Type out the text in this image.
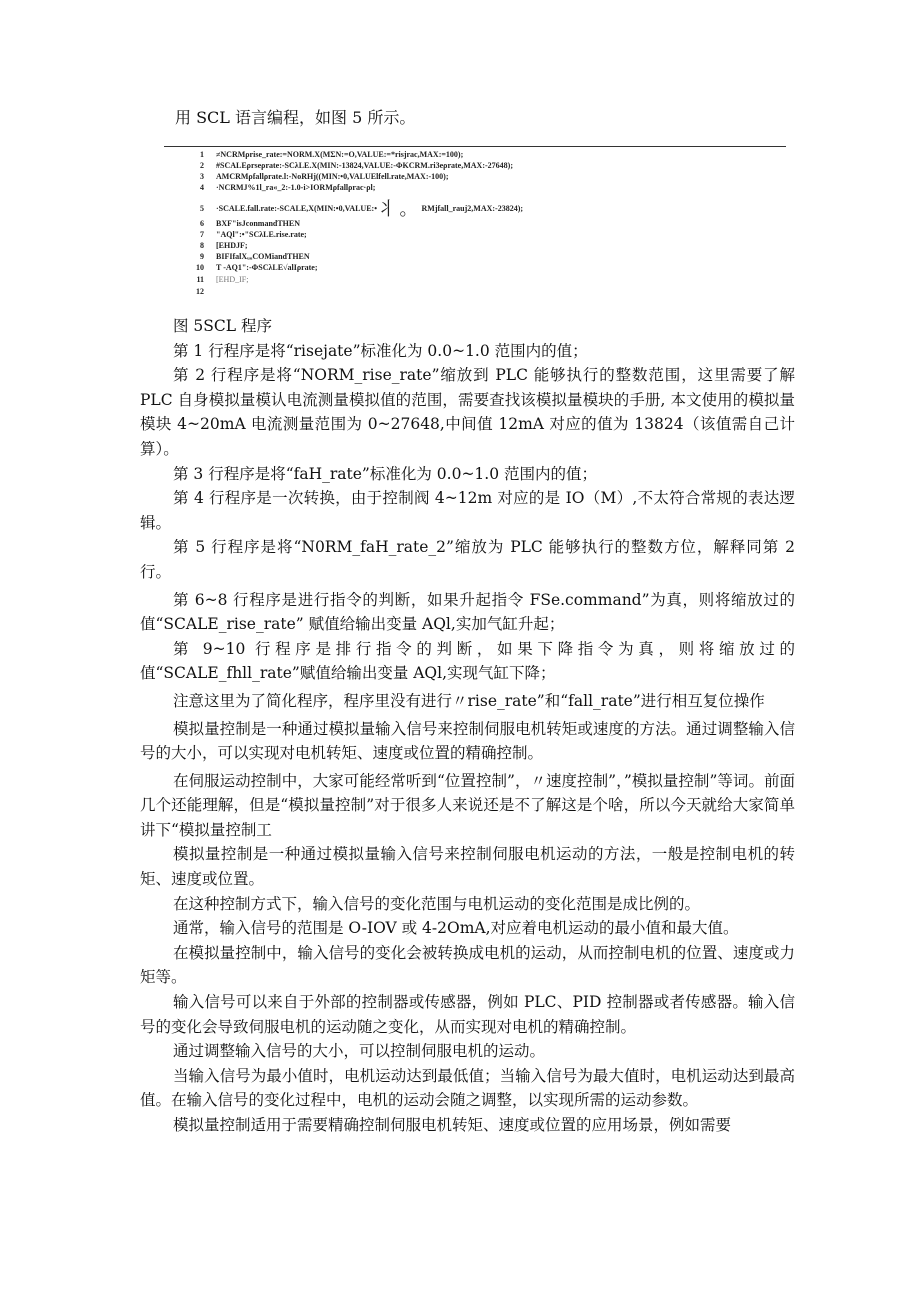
用 SCL 语言编程，如图 5 所示。

1 ≠NCRMρrise_rate:=NORM.X(MΣN:=O,VALUE:=*risjrac,MAX:=100);
2 #SCALEρrseρrate:-SCλLE.X(MIN:-13824,VALUE:-ΦKCRM.ri3eρrate,MAX:-27648);
3 AMCRMρfallρrate.l:-NoRHj((MIN:•0,VALUElfell.rate,MAX:-100);
4 ·NCRMJ%1l_ra«_2:-1.0-i>IORMρfallρrac·ρl;
5 ·SCALE.fall.rate:-SCALE,X(MIN:•0,VALUE:•⺦ 。 RMjfall_rauj2,MAX:-23824);
6 BXF"isJconmandTHEN
7 "AQl":•"SCλLE.rise.rate;
8 [EHDJF;
9 BIFIfalXᵤᵤCOMiandTHEN
10 T -AQ1":-ΦSCλLE√alIρrate;
11 [EHD_IF;
12

图 5SCL 程序

第 1 行程序是将“risejate”标准化为 0.0~1.0 范围内的值；

第 2 行程序是将“NORM_rise_rate”缩放到 PLC 能够执行的整数范围，这里需要了解 PLC 自身模拟量模认电流测量模拟值的范围，需要查找该模拟量模块的手册, 本文使用的模拟量模块 4~20mA 电流测量范围为 0~27648,中间值 12mA 对应的值为 13824（该值需自己计算）。

第 3 行程序是将“faH_rate”标准化为 0.0~1.0 范围内的值；

第 4 行程序是一次转换，由于控制阀 4~12m 对应的是 IO（M）,不太符合常规的表达逻辑。

第 5 行程序是将“N0RM_faH_rate_2”缩放为 PLC 能够执行的整数方位，解释同第 2 行。

第 6~8 行程序是进行指令的判断，如果升起指令 FSe.command”为真，则将缩放过的值“SCALE_rise_rate” 赋值给输出变量 AQl,实加气缸升起；

第 9~10 行程序是排行指令的判断，如果下降指令为真，则将缩放过的值“SCALE_fhll_rate”赋值给输出变量 AQl,实现气缸下降；

注意这里为了简化程序，程序里没有进行〃rise_rate”和“fall_rate”进行相互复位操作

模拟量控制是一种通过模拟量输入信号来控制伺服电机转矩或速度的方法。通过调整输入信号的大小，可以实现对电机转矩、速度或位置的精确控制。

在伺服运动控制中，大家可能经常听到“位置控制”，〃速度控制”，”模拟量控制”等词。前面几个还能理解，但是“模拟量控制”对于很多人来说还是不了解这是个啥，所以今天就给大家简单讲下“模拟量控制工

模拟量控制是一种通过模拟量输入信号来控制伺服电机运动的方法，一般是控制电机的转矩、速度或位置。

在这种控制方式下，输入信号的变化范围与电机运动的变化范围是成比例的。

通常，输入信号的范围是 O-IOV 或 4-2OmA,对应着电机运动的最小值和最大值。

在模拟量控制中，输入信号的变化会被转换成电机的运动，从而控制电机的位置、速度或力矩等。

输入信号可以来自于外部的控制器或传感器，例如 PLC、PID 控制器或者传感器。输入信号的变化会导致伺服电机的运动随之变化，从而实现对电机的精确控制。

通过调整输入信号的大小，可以控制伺服电机的运动。

当输入信号为最小值时，电机运动达到最低值；当输入信号为最大值时，电机运动达到最高值。在输入信号的变化过程中，电机的运动会随之调整，以实现所需的运动参数。

模拟量控制适用于需要精确控制伺服电机转矩、速度或位置的应用场景，例如需要
